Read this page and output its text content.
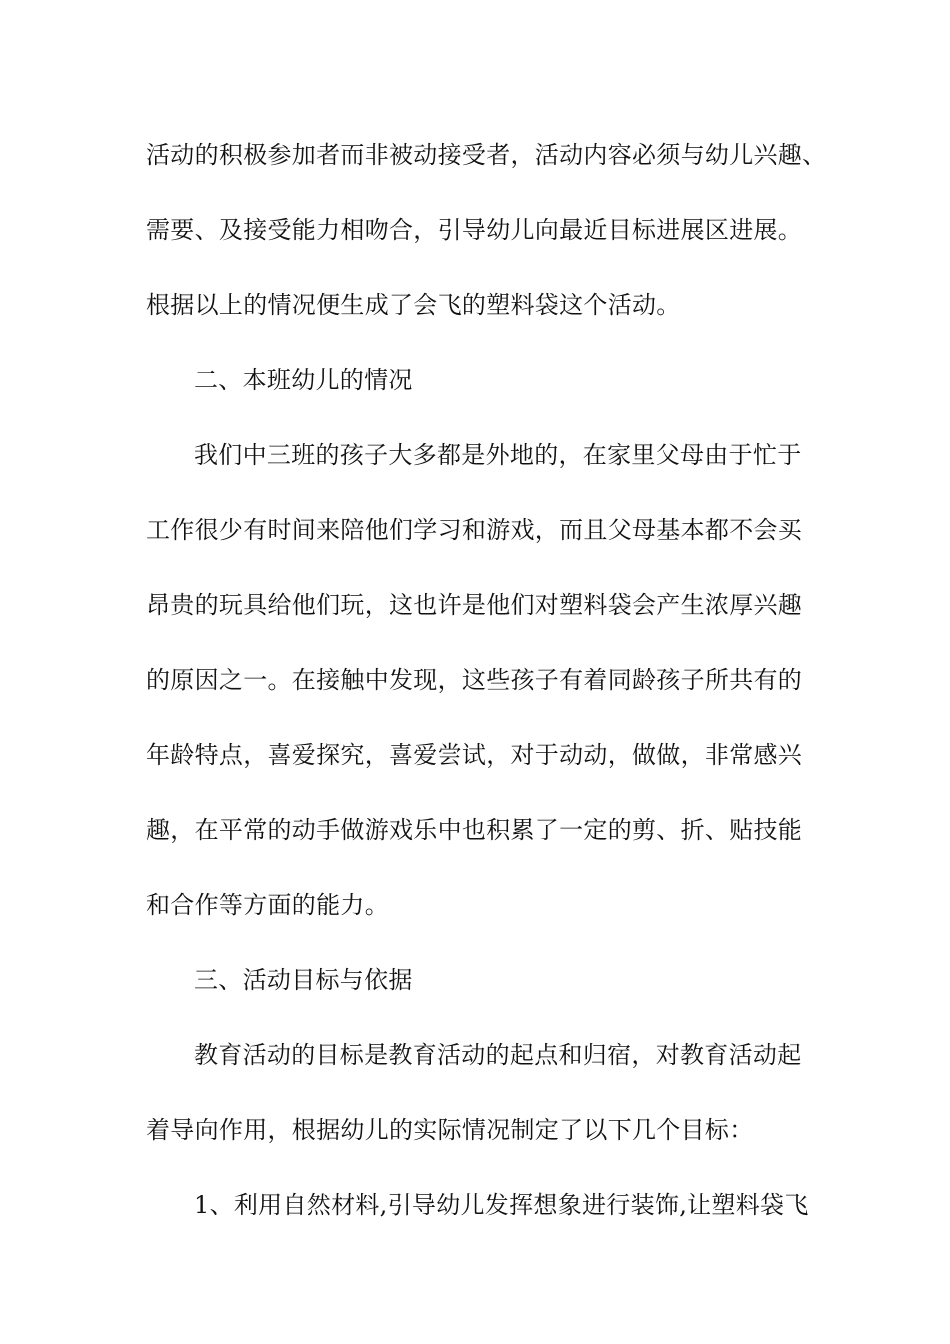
活动的积极参加者而非被动接受者，活动内容必须与幼儿兴趣、
需要、及接受能力相吻合，引导幼儿向最近目标进展区进展。
根据以上的情况便生成了会飞的塑料袋这个活动。
二、本班幼儿的情况
我们中三班的孩子大多都是外地的，在家里父母由于忙于
工作很少有时间来陪他们学习和游戏，而且父母基本都不会买
昂贵的玩具给他们玩，这也许是他们对塑料袋会产生浓厚兴趣
的原因之一。在接触中发现，这些孩子有着同龄孩子所共有的
年龄特点，喜爱探究，喜爱尝试，对于动动，做做，非常感兴
趣，在平常的动手做游戏乐中也积累了一定的剪、折、贴技能
和合作等方面的能力。
三、活动目标与依据
教育活动的目标是教育活动的起点和归宿，对教育活动起
着导向作用，根据幼儿的实际情况制定了以下几个目标：
1、利用自然材料,引导幼儿发挥想象进行装饰,让塑料袋飞
